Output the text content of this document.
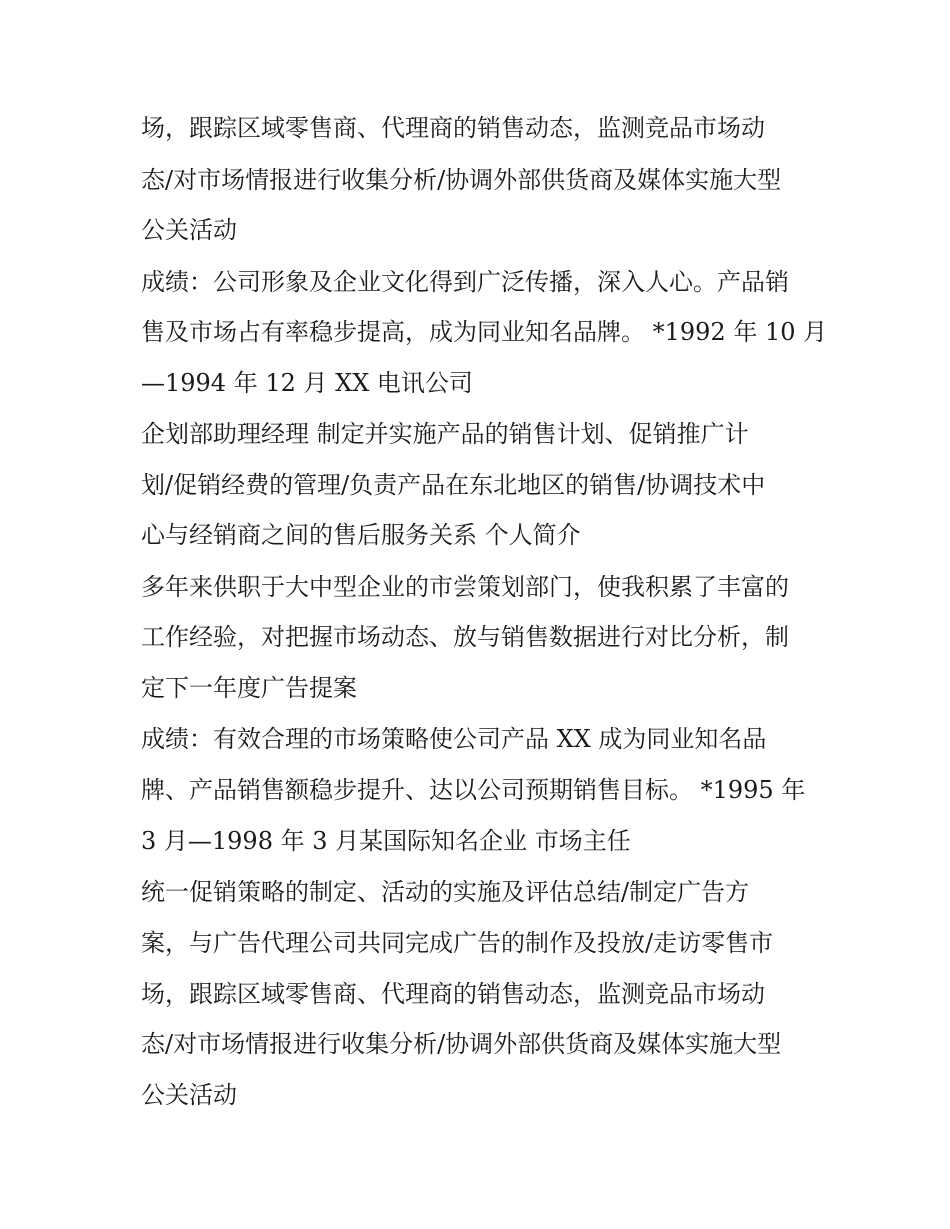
场，跟踪区域零售商、代理商的销售动态，监测竞品市场动
态/对市场情报进行收集分析/协调外部供货商及媒体实施大型
公关活动
成绩：公司形象及企业文化得到广泛传播，深入人心。产品销
售及市场占有率稳步提高，成为同业知名品牌。 *1992 年 10 月
—1994 年 12 月 XX 电讯公司
企划部助理经理 制定并实施产品的销售计划、促销推广计
划/促销经费的管理/负责产品在东北地区的销售/协调技术中
心与经销商之间的售后服务关系 个人简介
多年来供职于大中型企业的市尝策划部门，使我积累了丰富的
工作经验，对把握市场动态、放与销售数据进行对比分析，制
定下一年度广告提案
成绩：有效合理的市场策略使公司产品 XX 成为同业知名品
牌、产品销售额稳步提升、达以公司预期销售目标。 *1995 年
3 月—1998 年 3 月某国际知名企业 市场主任
统一促销策略的制定、活动的实施及评估总结/制定广告方
案，与广告代理公司共同完成广告的制作及投放/走访零售市
场，跟踪区域零售商、代理商的销售动态，监测竞品市场动
态/对市场情报进行收集分析/协调外部供货商及媒体实施大型
公关活动
